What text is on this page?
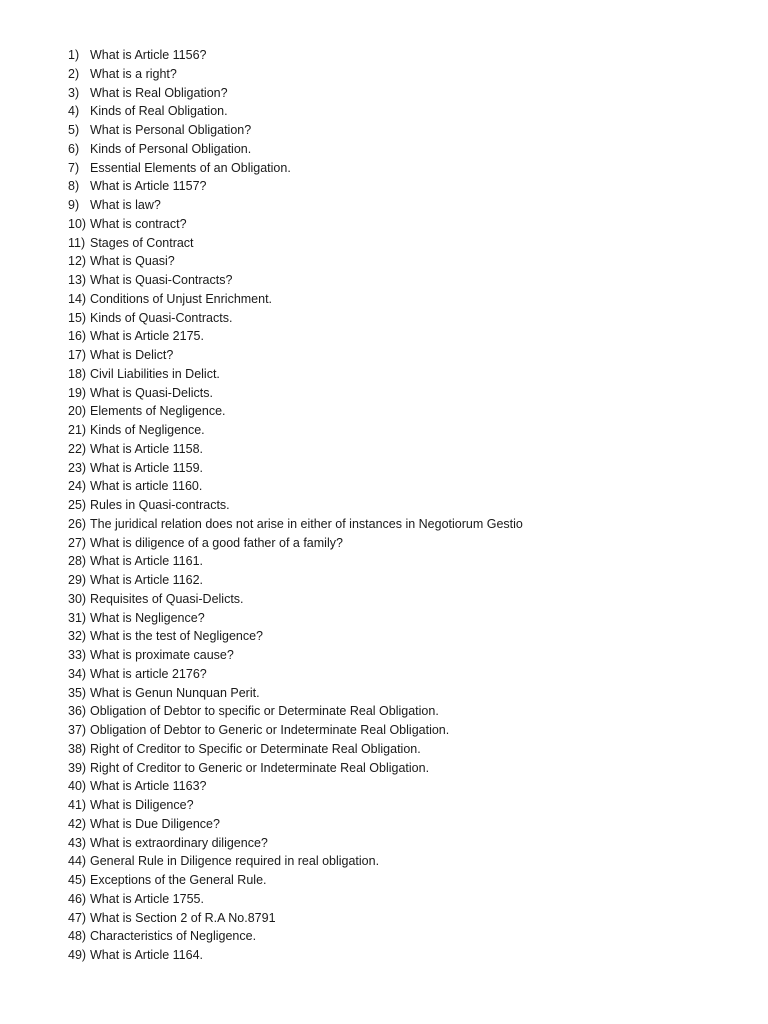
1) What is Article 1156?
2) What is a right?
3) What is Real Obligation?
4) Kinds of Real Obligation.
5) What is Personal Obligation?
6) Kinds of Personal Obligation.
7) Essential Elements of an Obligation.
8) What is Article 1157?
9) What is law?
10) What is contract?
11) Stages of Contract
12) What is Quasi?
13) What is Quasi-Contracts?
14) Conditions of Unjust Enrichment.
15) Kinds of Quasi-Contracts.
16) What is Article 2175.
17) What is Delict?
18) Civil Liabilities in Delict.
19) What is Quasi-Delicts.
20) Elements of Negligence.
21) Kinds of Negligence.
22) What is Article 1158.
23) What is Article 1159.
24) What is article 1160.
25) Rules in Quasi-contracts.
26) The juridical relation does not arise in either of instances in Negotiorum Gestio
27) What is diligence of a good father of a family?
28) What is Article 1161.
29) What is Article 1162.
30) Requisites of Quasi-Delicts.
31) What is Negligence?
32) What is the test of Negligence?
33) What is proximate cause?
34) What is article 2176?
35) What is Genun Nunquan Perit.
36) Obligation of Debtor to specific or Determinate Real Obligation.
37) Obligation of Debtor to Generic or Indeterminate Real Obligation.
38) Right of Creditor to Specific or Determinate Real Obligation.
39) Right of Creditor to Generic or Indeterminate Real Obligation.
40) What is Article 1163?
41) What is Diligence?
42) What is Due Diligence?
43) What is extraordinary diligence?
44) General Rule in Diligence required in real obligation.
45) Exceptions of the General Rule.
46) What is Article 1755.
47) What is Section 2 of R.A No.8791
48) Characteristics of Negligence.
49) What is Article 1164.
